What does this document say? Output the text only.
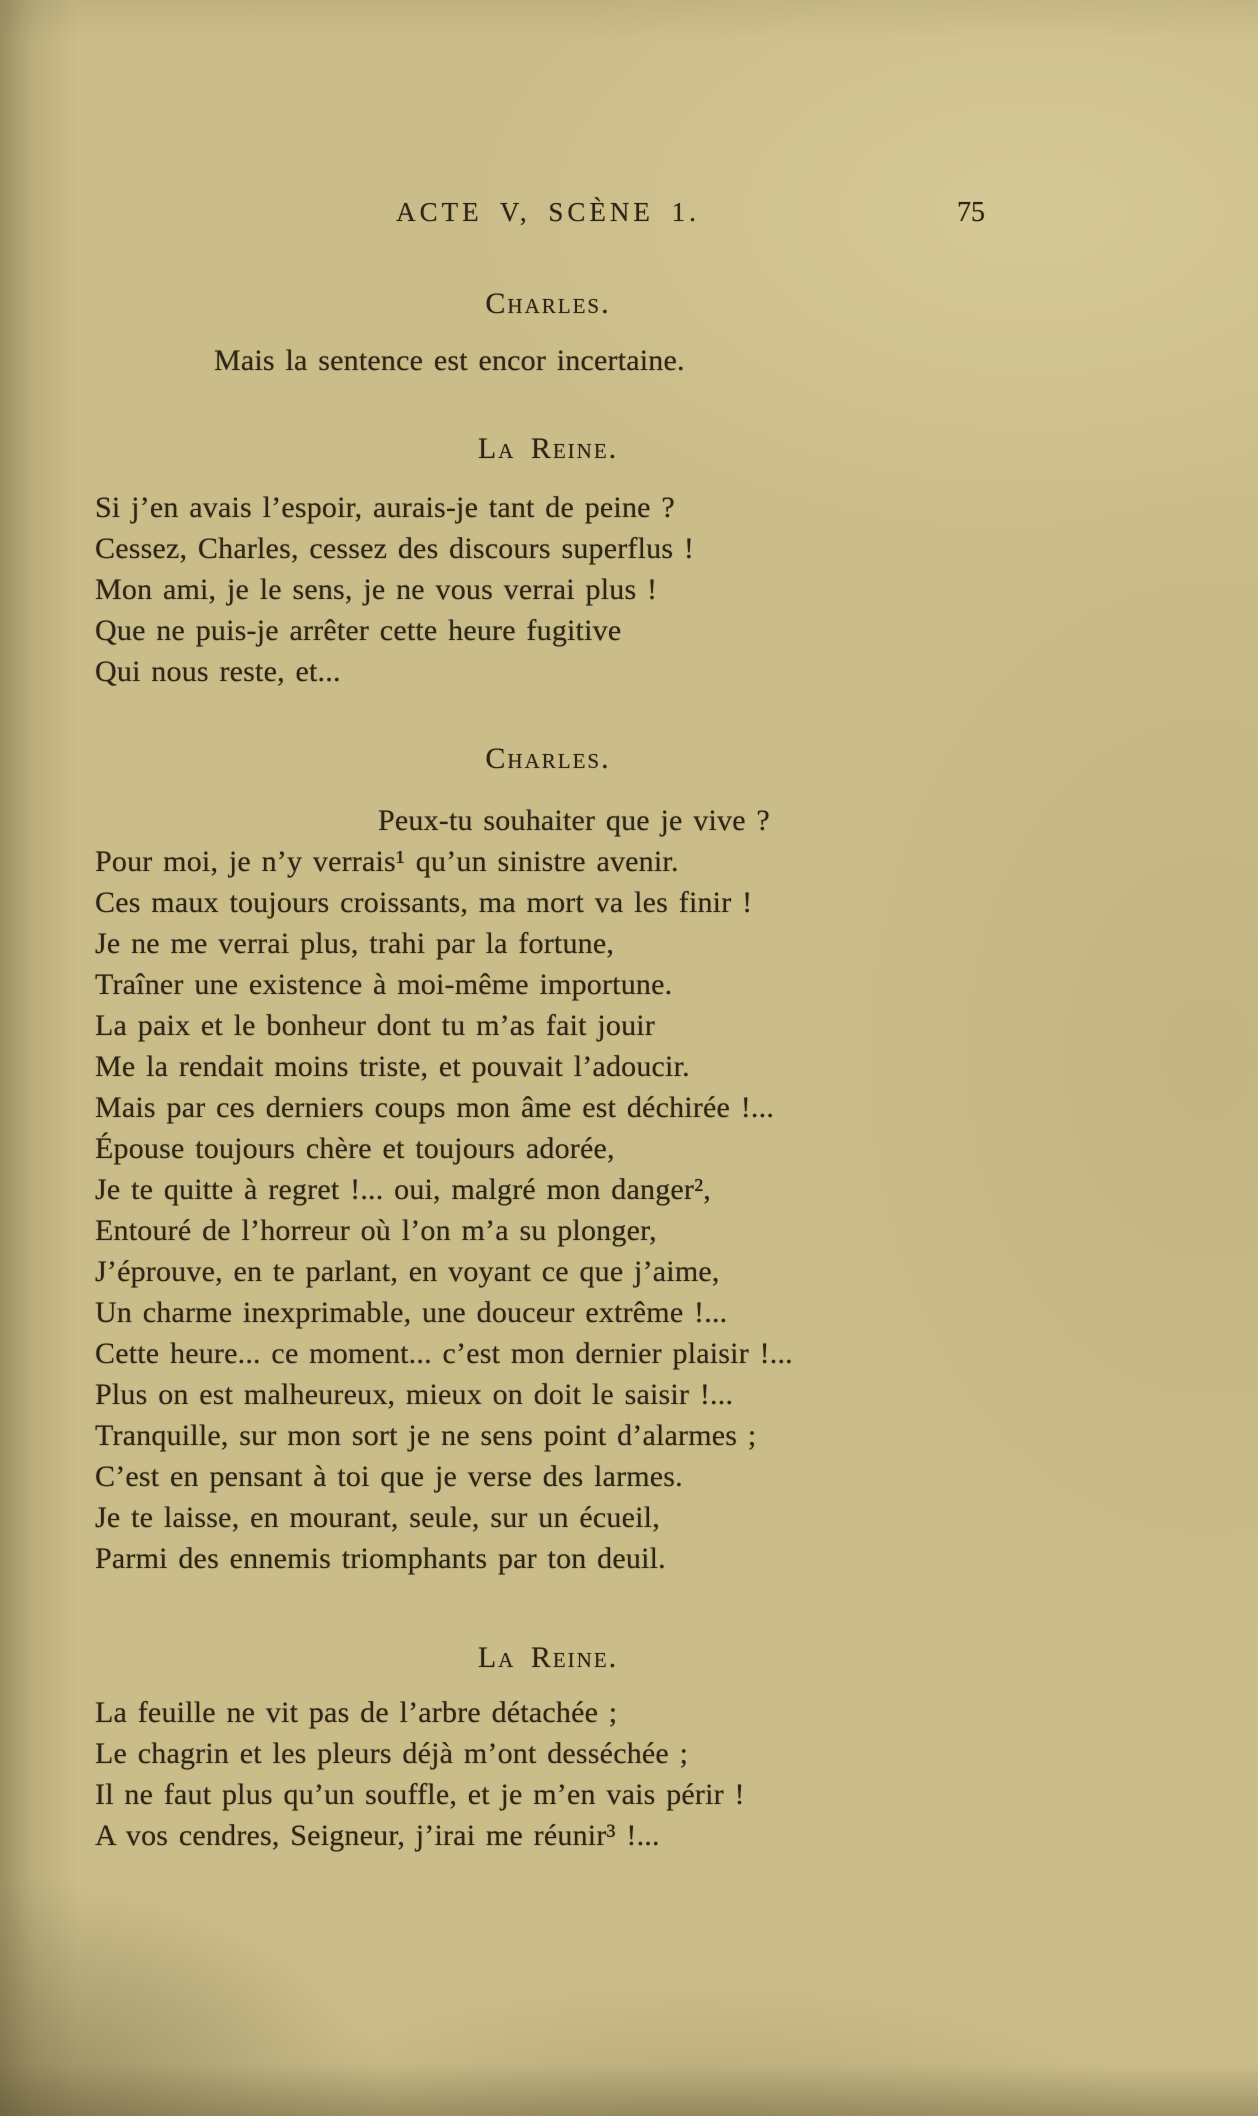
ACTE V, SCÈNE 1.	75
Charles.
Mais la sentence est encor incertaine.
La Reine.
Si j’en avais l’espoir, aurais-je tant de peine ?
Cessez, Charles, cessez des discours superflus !
Mon ami, je le sens, je ne vous verrai plus !
Que ne puis-je arrêter cette heure fugitive
Qui nous reste, et...
Charles.
Peux-tu souhaiter que je vive ?
Pour moi, je n’y verrais¹ qu’un sinistre avenir.
Ces maux toujours croissants, ma mort va les finir !
Je ne me verrai plus, trahi par la fortune,
Traîner une existence à moi-même importune.
La paix et le bonheur dont tu m’as fait jouir
Me la rendait moins triste, et pouvait l’adoucir.
Mais par ces derniers coups mon âme est déchirée !...
Épouse toujours chère et toujours adorée,
Je te quitte à regret !... oui, malgré mon danger²,
Entouré de l’horreur où l’on m’a su plonger,
J’éprouve, en te parlant, en voyant ce que j’aime,
Un charme inexprimable, une douceur extrême !...
Cette heure... ce moment... c’est mon dernier plaisir !...
Plus on est malheureux, mieux on doit le saisir !...
Tranquille, sur mon sort je ne sens point d’alarmes ;
C’est en pensant à toi que je verse des larmes.
Je te laisse, en mourant, seule, sur un écueil,
Parmi des ennemis triomphants par ton deuil.
La Reine.
La feuille ne vit pas de l’arbre détachée ;
Le chagrin et les pleurs déjà m’ont desséchée ;
Il ne faut plus qu’un souffle, et je m’en vais périr !
A vos cendres, Seigneur, j’irai me réunir³ !...
